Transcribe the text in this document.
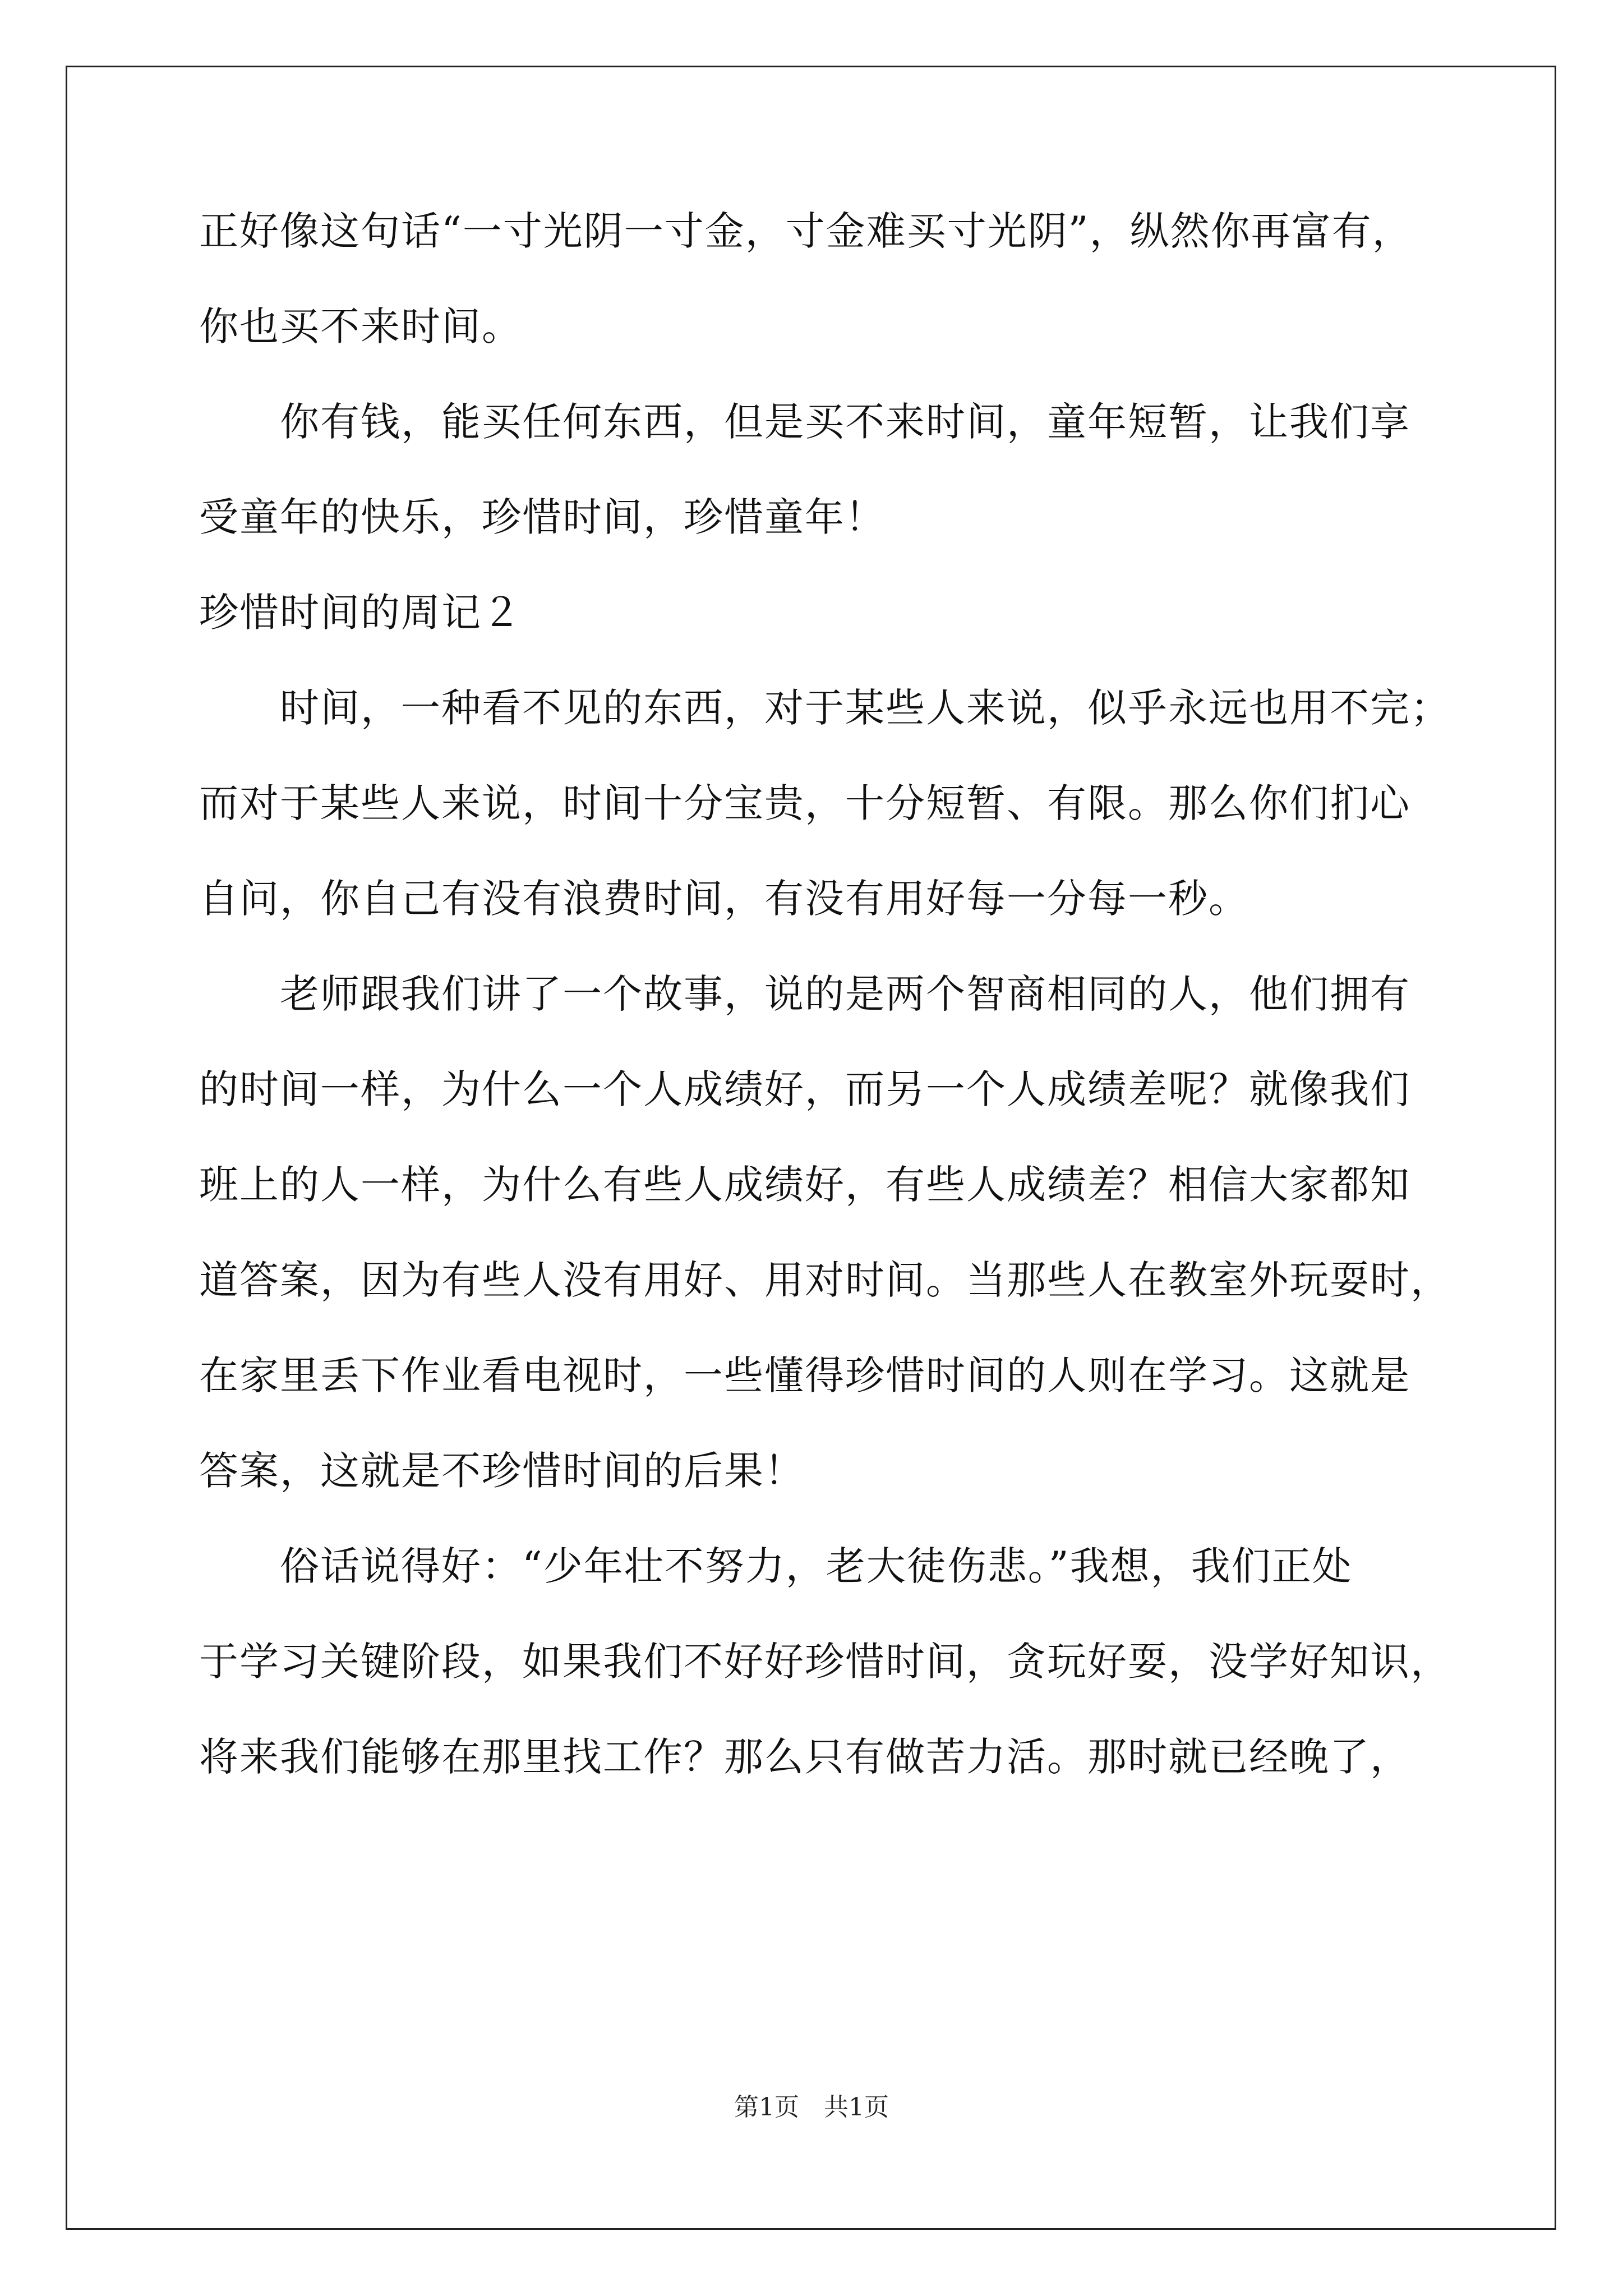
正好像这句话“一寸光阴一寸金，寸金难买寸光阴”，纵然你再富有，
你也买不来时间。
　　你有钱，能买任何东西，但是买不来时间，童年短暂，让我们享
受童年的快乐，珍惜时间，珍惜童年！
珍惜时间的周记２
　　时间，一种看不见的东西，对于某些人来说，似乎永远也用不完；
而对于某些人来说，时间十分宝贵，十分短暂、有限。那么你们扪心
自问，你自己有没有浪费时间，有没有用好每一分每一秒。
　　老师跟我们讲了一个故事，说的是两个智商相同的人，他们拥有
的时间一样，为什么一个人成绩好，而另一个人成绩差呢？就像我们
班上的人一样，为什么有些人成绩好，有些人成绩差？相信大家都知
道答案，因为有些人没有用好、用对时间。当那些人在教室外玩耍时，
在家里丢下作业看电视时，一些懂得珍惜时间的人则在学习。这就是
答案，这就是不珍惜时间的后果！
　　俗话说得好：“少年壮不努力，老大徒伤悲。”我想，我们正处
于学习关键阶段，如果我们不好好珍惜时间，贪玩好耍，没学好知识，
将来我们能够在那里找工作？那么只有做苦力活。那时就已经晚了，
第1页　共1页
